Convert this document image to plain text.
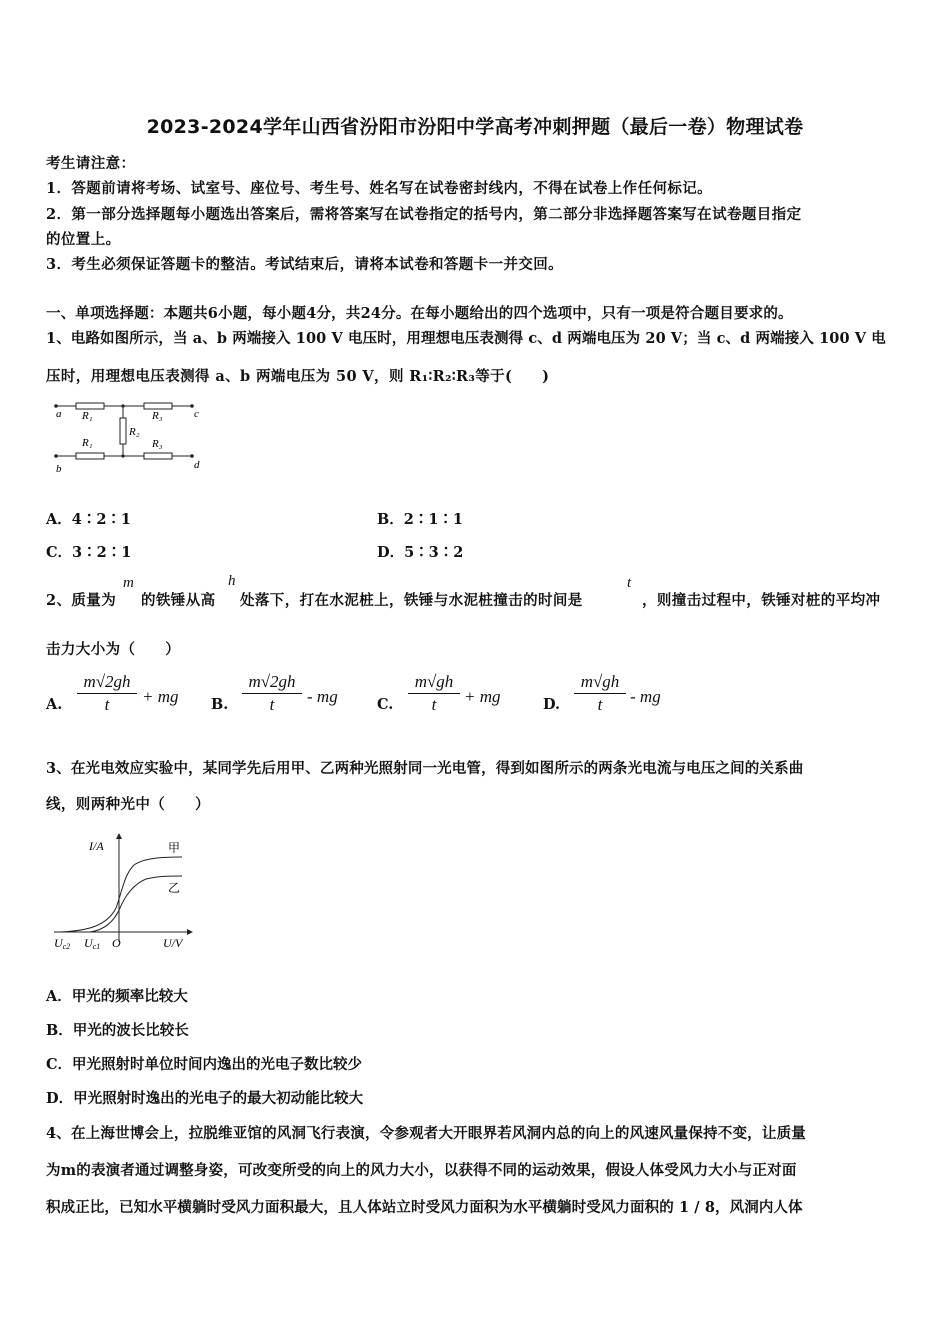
2023-2024学年山西省汾阳市汾阳中学高考冲刺押题（最后一卷）物理试卷
考生请注意：
1．答题前请将考场、试室号、座位号、考生号、姓名写在试卷密封线内，不得在试卷上作任何标记。
2．第一部分选择题每小题选出答案后，需将答案写在试卷指定的括号内，第二部分非选择题答案写在试卷题目指定
的位置上。
3．考生必须保证答题卡的整洁。考试结束后，请将本试卷和答题卡一并交回。
一、单项选择题：本题共6小题，每小题4分，共24分。在每小题给出的四个选项中，只有一项是符合题目要求的。
1、电路如图所示，当 a、b 两端接入 100 V 电压时，用理想电压表测得 c、d 两端电压为 20 V；当 c、d 两端接入 100 V 电
压时，用理想电压表测得 a、b 两端电压为 50 V，则 R₁∶R₂∶R₃等于(　　)
a	c
b	d
R₁	R₃
R₁	R₃
R₂
A．4∶2∶1	B．2∶1∶1
C．3∶2∶1	D．5∶3∶2
2、质量为
m
的铁锤从高
h
处落下，打在水泥桩上，铁锤与水泥桩撞击的时间是
t
，则撞击过程中，铁锤对桩的平均冲
击力大小为（　　）
A.
m√2gh
t	+ mg B.
m√2gh
t	- mg	C.
m√gh
t	+ mg	D.
m√gh
t	- mg
3、在光电效应实验中，某同学先后用甲、乙两种光照射同一光电管，得到如图所示的两条光电流与电压之间的关系曲
线，则两种光中（　　）
I/A
U/V
O
Uc2 Uc1
甲
乙
A．甲光的频率比较大
B．甲光的波长比较长
C．甲光照射时单位时间内逸出的光电子数比较少
D．甲光照射时逸出的光电子的最大初动能比较大
4、在上海世博会上，拉脱维亚馆的风洞飞行表演，令参观者大开眼界若风洞内总的向上的风速风量保持不变，让质量
为m的表演者通过调整身姿，可改变所受的向上的风力大小，以获得不同的运动效果，假设人体受风力大小与正对面
积成正比，已知水平横躺时受风力面积最大，且人体站立时受风力面积为水平横躺时受风力面积的 1 / 8，风洞内人体
